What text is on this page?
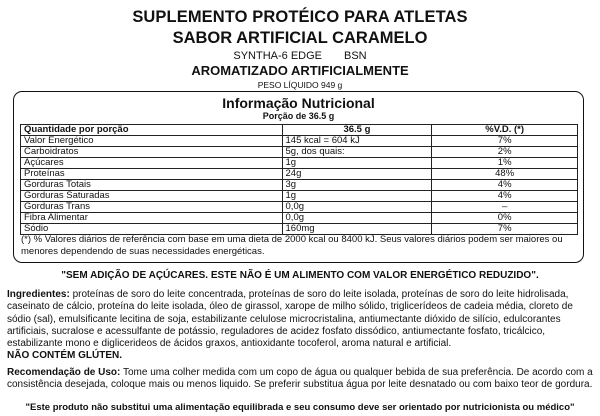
SUPLEMENTO PROTÉICO PARA ATLETAS
SABOR ARTIFICIAL CARAMELO
SYNTHA-6 EDGE BSN
AROMATIZADO ARTIFICIALMENTE
PESO LÍQUIDO 949 g
Informação Nutricional
Porção de 36.5 g
Quantidade por porção	36.5 g	%V.D. (*)
Valor Energético	145 kcal = 604 kJ	7%
Carboidratos	5g, dos quais:	2%
Açúcares	1g	1%
Proteínas	24g	48%
Gorduras Totais	3g	4%
Gorduras Saturadas	1g	4%
Gorduras Trans	0,0g	–
Fibra Alimentar	0,0g	0%
Sódio	160mg	7%
(*) % Valores diários de referência com base em uma dieta de 2000 kcal ou 8400 kJ. Seus valores diários podem ser maiores ou menores dependendo de suas necessidades energéticas.
"SEM ADIÇÃO DE AÇÚCARES. ESTE NÃO É UM ALIMENTO COM VALOR ENERGÉTICO REDUZIDO".
Ingredientes: proteínas de soro do leite concentrada, proteínas de soro do leite isolada, proteínas de soro do leite hidrolisada, caseinato de cálcio, proteína do leite isolada, óleo de girassol, xarope de milho sólido, triglicerídeos de cadeia média, cloreto de sódio (sal), emulsificante lecitina de soja, estabilizante celulose microcristalina, antiumectante dióxido de silício, edulcorantes artificiais, sucralose e acessulfante de potássio, reguladores de acidez fosfato dissódico, antiumectante fosfato, tricálcico, estabilizante mono e diglicerideos de ácidos graxos, antioxidante tocoferol, aroma natural e artificial.
NÃO CONTÉM GLÚTEN.
Recomendação de Uso: Tome uma colher medida com um copo de água ou qualquer bebida de sua preferência. De acordo com a consistência desejada, coloque mais ou menos liquido. Se preferir substitua água por leite desnatado ou com baixo teor de gordura.
"Este produto não substitui uma alimentação equilibrada e seu consumo deve ser orientado por nutricionista ou médico"
